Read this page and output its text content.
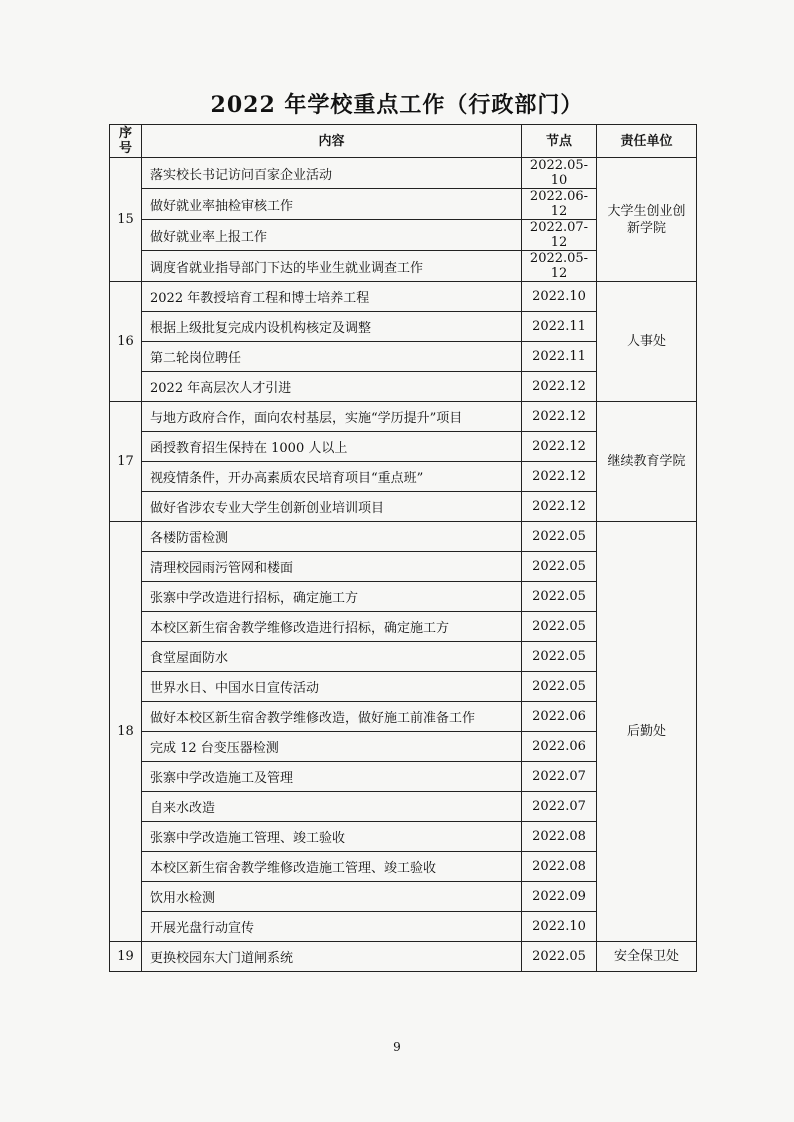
2022 年学校重点工作（行政部门）
序号	内容	节点	责任单位
15	落实校长书记访问百家企业活动	2022.05-10	大学生创业创新学院
	做好就业率抽检审核工作	2022.06-12	
	做好就业率上报工作	2022.07-12	
	调度省就业指导部门下达的毕业生就业调查工作	2022.05-12	
16	2022 年教授培育工程和博士培养工程	2022.10	人事处
	根据上级批复完成内设机构核定及调整	2022.11	
	第二轮岗位聘任	2022.11	
	2022 年高层次人才引进	2022.12	
17	与地方政府合作，面向农村基层，实施“学历提升”项目	2022.12	继续教育学院
	函授教育招生保持在 1000 人以上	2022.12	
	视疫情条件，开办高素质农民培育项目“重点班”	2022.12	
	做好省涉农专业大学生创新创业培训项目	2022.12	
18	各楼防雷检测	2022.05	后勤处
	清理校园雨污管网和楼面	2022.05	
	张寨中学改造进行招标，确定施工方	2022.05	
	本校区新生宿舍教学维修改造进行招标，确定施工方	2022.05	
	食堂屋面防水	2022.05	
	世界水日、中国水日宣传活动	2022.05	
	做好本校区新生宿舍教学维修改造，做好施工前准备工作	2022.06	
	完成 12 台变压器检测	2022.06	
	张寨中学改造施工及管理	2022.07	
	自来水改造	2022.07	
	张寨中学改造施工管理、竣工验收	2022.08	
	本校区新生宿舍教学维修改造施工管理、竣工验收	2022.08	
	饮用水检测	2022.09	
	开展光盘行动宣传	2022.10	
19	更换校园东大门道闸系统	2022.05	安全保卫处
9
